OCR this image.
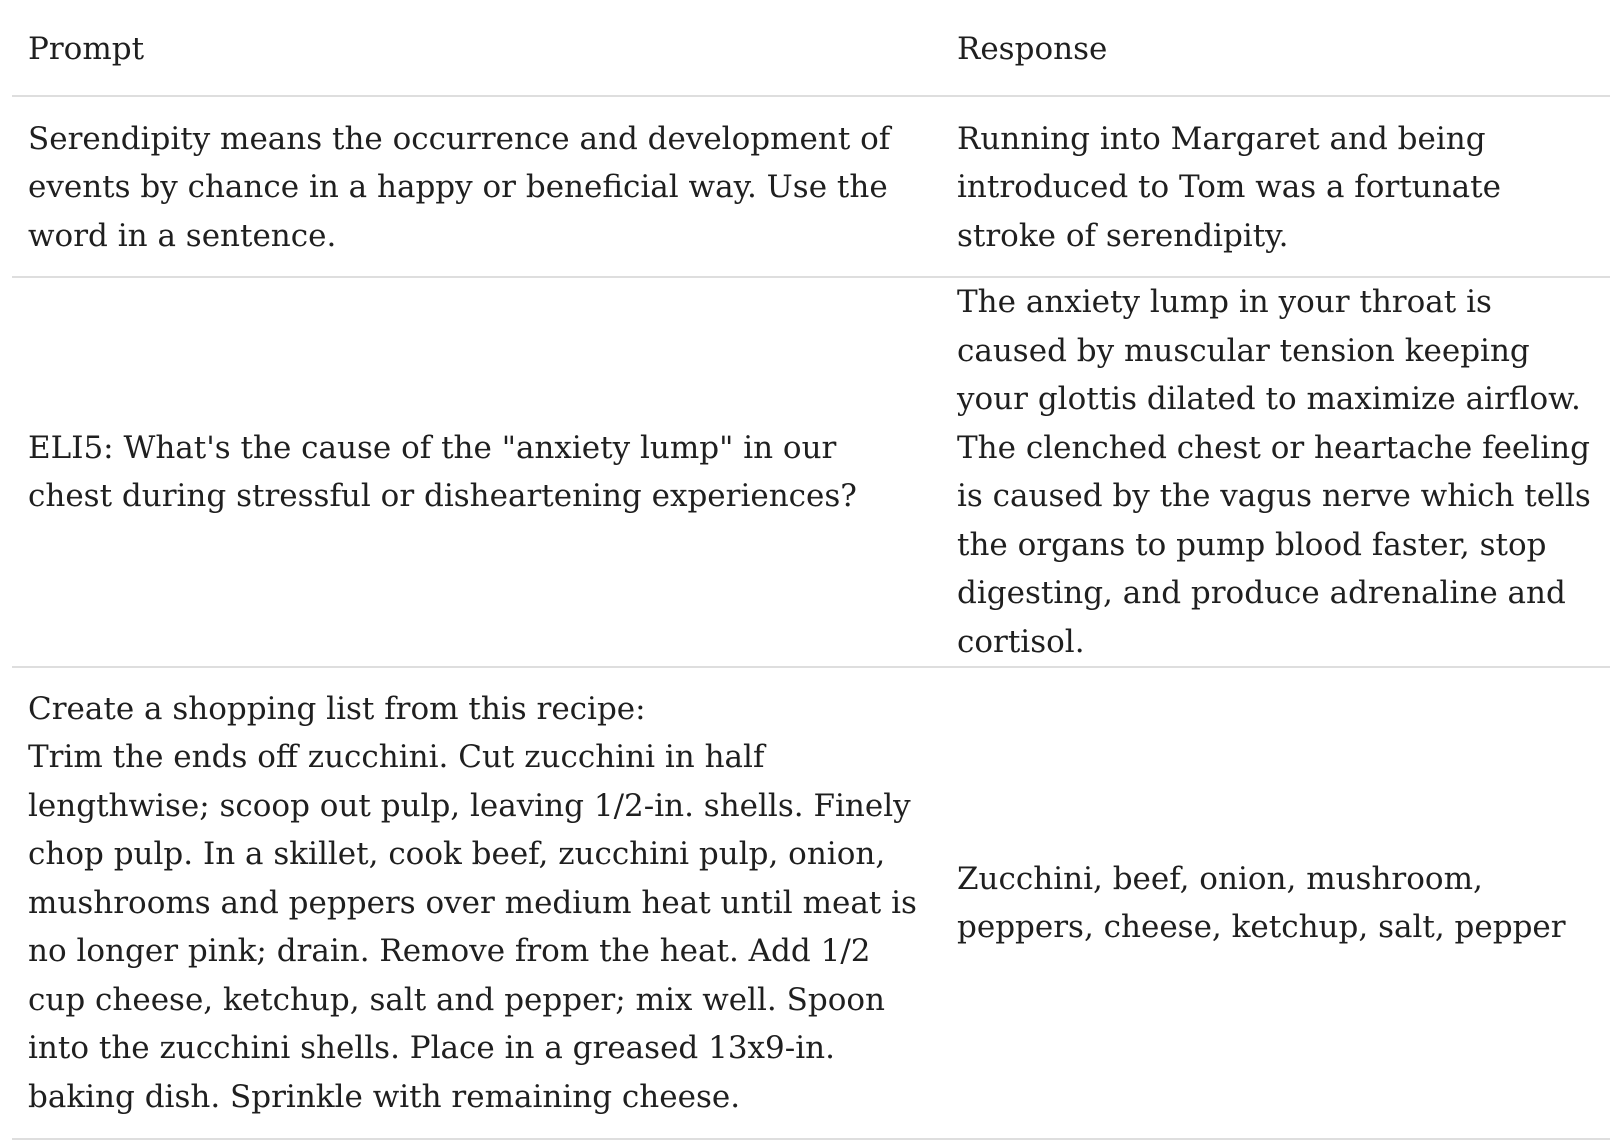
Prompt	Response

Serendipity means the occurrence and development of events by chance in a happy or beneficial way. Use the word in a sentence.	Running into Margaret and being introduced to Tom was a fortunate stroke of serendipity.

ELI5: What's the cause of the "anxiety lump" in our chest during stressful or disheartening experiences?	The anxiety lump in your throat is caused by muscular tension keeping your glottis dilated to maximize airflow. The clenched chest or heartache feeling is caused by the vagus nerve which tells the organs to pump blood faster, stop digesting, and produce adrenaline and cortisol.

Create a shopping list from this recipe:
Trim the ends off zucchini. Cut zucchini in half lengthwise; scoop out pulp, leaving 1/2-in. shells. Finely chop pulp. In a skillet, cook beef, zucchini pulp, onion, mushrooms and peppers over medium heat until meat is no longer pink; drain. Remove from the heat. Add 1/2 cup cheese, ketchup, salt and pepper; mix well. Spoon into the zucchini shells. Place in a greased 13x9-in. baking dish. Sprinkle with remaining cheese.	Zucchini, beef, onion, mushroom, peppers, cheese, ketchup, salt, pepper
